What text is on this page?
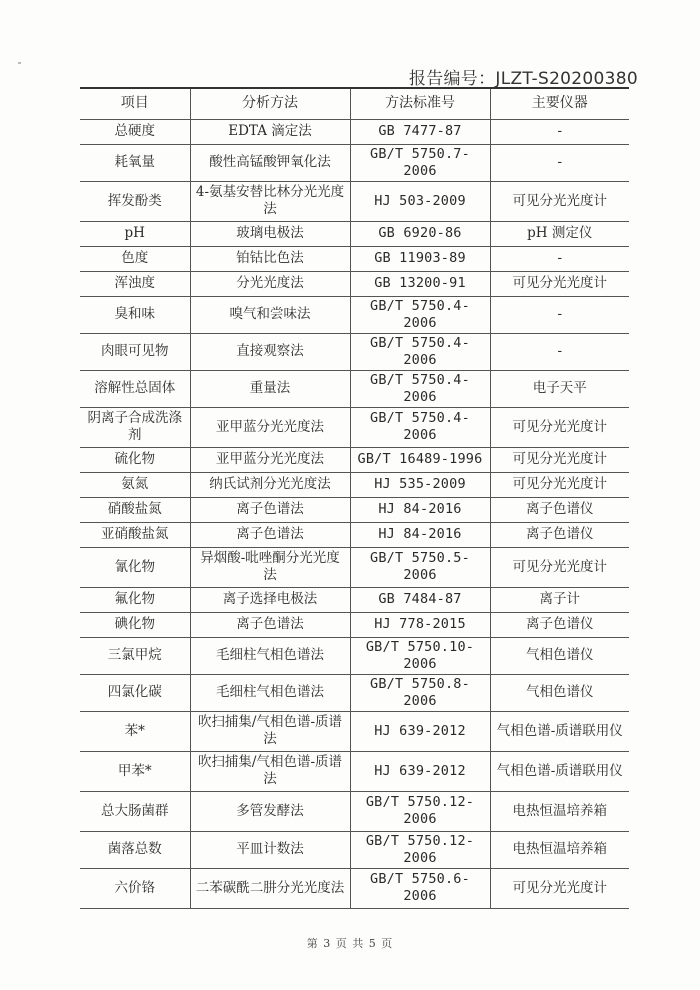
报告编号：JLZT-S20200380
项目	分析方法	方法标准号	主要仪器
总硬度	EDTA 滴定法	GB 7477-87	-
耗氧量	酸性高锰酸钾氧化法	GB/T 5750.7-2006	-
挥发酚类	4-氨基安替比林分光光度法	HJ 503-2009	可见分光光度计
pH	玻璃电极法	GB 6920-86	pH 测定仪
色度	铂钴比色法	GB 11903-89	-
浑浊度	分光光度法	GB 13200-91	可见分光光度计
臭和味	嗅气和尝味法	GB/T 5750.4-2006	-
肉眼可见物	直接观察法	GB/T 5750.4-2006	-
溶解性总固体	重量法	GB/T 5750.4-2006	电子天平
阴离子合成洗涤剂	亚甲蓝分光光度法	GB/T 5750.4-2006	可见分光光度计
硫化物	亚甲蓝分光光度法	GB/T 16489-1996	可见分光光度计
氨氮	纳氏试剂分光光度法	HJ 535-2009	可见分光光度计
硝酸盐氮	离子色谱法	HJ 84-2016	离子色谱仪
亚硝酸盐氮	离子色谱法	HJ 84-2016	离子色谱仪
氰化物	异烟酸-吡唑酮分光光度法	GB/T 5750.5-2006	可见分光光度计
氟化物	离子选择电极法	GB 7484-87	离子计
碘化物	离子色谱法	HJ 778-2015	离子色谱仪
三氯甲烷	毛细柱气相色谱法	GB/T 5750.10-2006	气相色谱仪
四氯化碳	毛细柱气相色谱法	GB/T 5750.8-2006	气相色谱仪
苯*	吹扫捕集/气相色谱-质谱法	HJ 639-2012	气相色谱-质谱联用仪
甲苯*	吹扫捕集/气相色谱-质谱法	HJ 639-2012	气相色谱-质谱联用仪
总大肠菌群	多管发酵法	GB/T 5750.12-2006	电热恒温培养箱
菌落总数	平皿计数法	GB/T 5750.12-2006	电热恒温培养箱
六价铬	二苯碳酰二肼分光光度法	GB/T 5750.6-2006	可见分光光度计
第 3 页 共 5 页
